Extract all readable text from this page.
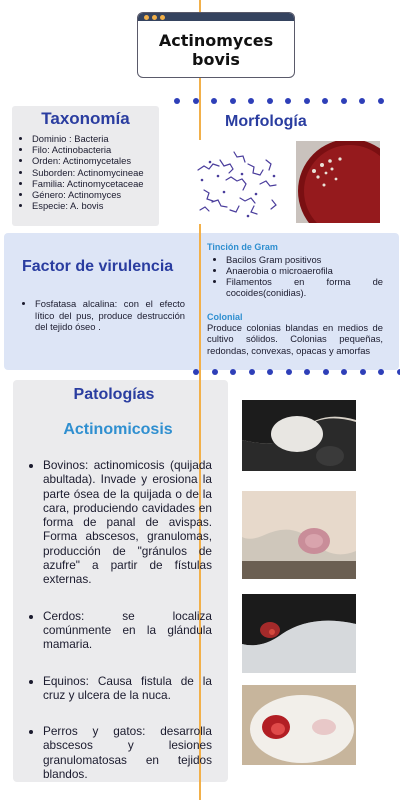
Actinomyces
bovis
Taxonomía
• Dominio : Bacteria
• Filo: Actinobacteria
• Orden: Actinomycetales
• Suborden: Actinomycineae
• Familia: Actinomycetaceae
• Género: Actinomyces
• Especie: A. bovis
Morfología
Factor de virulencia
• Fosfatasa alcalina: con el efecto lítico del pus, produce destrucción del tejido óseo .
Tinción de Gram
• Bacilos Gram positivos
• Anaerobia o microaerofila
• Filamentos en forma de cocoides(conidias).
Colonial
Produce colonias blandas en medios de cultivo sólidos. Colonias pequeñas, redondas, convexas, opacas y amorfas
Patologías
Actinomicosis
• Bovinos: actinomicosis (quijada abultada). Invade y erosiona la parte ósea de la quijada o de la cara, produciendo cavidades en forma de panal de avispas. Forma abscesos, granulomas, producción de "gránulos de azufre" a partir de fístulas externas.
• Cerdos: se localiza comúnmente en la glándula mamaria.
• Equinos: Causa fistula de la cruz y ulcera de la nuca.
• Perros y gatos: desarrolla abscesos y lesiones granulomatosas en tejidos blandos.
